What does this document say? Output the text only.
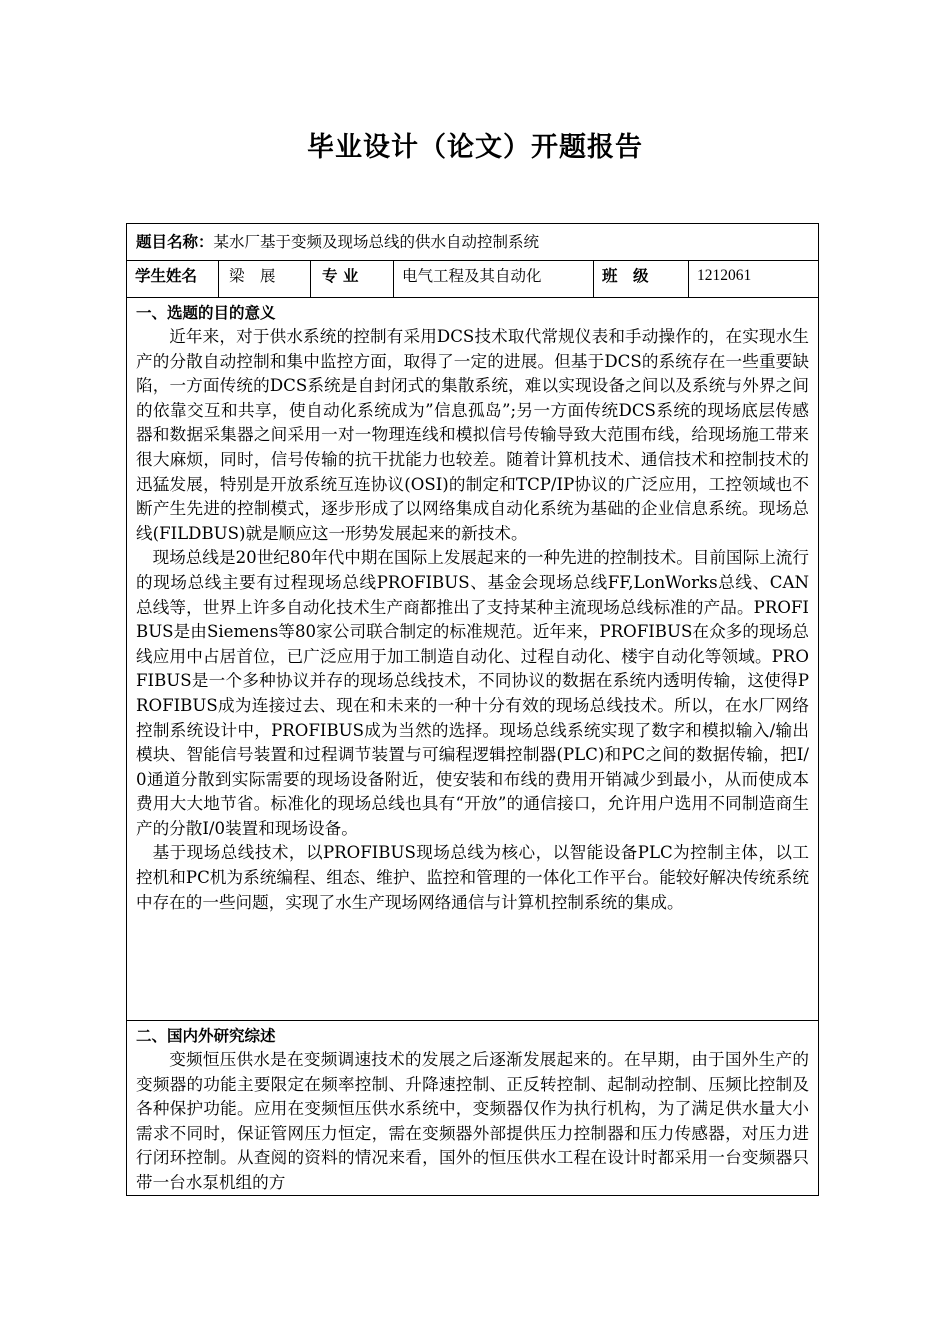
毕业设计（论文）开题报告
题目名称：某水厂基于变频及现场总线的供水自动控制系统
学生姓名	梁　展	专 业	电气工程及其自动化	班　级	1212061

一、选题的目的意义

近年来，对于供水系统的控制有采用DCS技术取代常规仪表和手动操作的，在实现水生产的分散自动控制和集中监控方面，取得了一定的进展。但基于DCS的系统存在一些重要缺陷，一方面传统的DCS系统是自封闭式的集散系统，难以实现设备之间以及系统与外界之间的依靠交互和共享，使自动化系统成为”信息孤岛”;另一方面传统DCS系统的现场底层传感器和数据采集器之间采用一对一物理连线和模拟信号传输导致大范围布线，给现场施工带来很大麻烦，同时，信号传输的抗干扰能力也较差。随着计算机技术、通信技术和控制技术的迅猛发展，特别是开放系统互连协议(OSI)的制定和TCP/IP协议的广泛应用，工控领域也不断产生先进的控制模式，逐步形成了以网络集成自动化系统为基础的企业信息系统。现场总线(FILDBUS)就是顺应这一形势发展起来的新技术。

现场总线是20世纪80年代中期在国际上发展起来的一种先进的控制技术。目前国际上流行的现场总线主要有过程现场总线PROFIBUS、基金会现场总线FF,LonWorks总线、CAN总线等，世界上许多自动化技术生产商都推出了支持某种主流现场总线标准的产品。PROFIBUS是由Siemens等80家公司联合制定的标准规范。近年来，PROFIBUS在众多的现场总线应用中占居首位，已广泛应用于加工制造自动化、过程自动化、楼宇自动化等领域。PROFIBUS是一个多种协议并存的现场总线技术，不同协议的数据在系统内透明传输，这使得PROFIBUS成为连接过去、现在和未来的一种十分有效的现场总线技术。所以，在水厂网络控制系统设计中，PROFIBUS成为当然的选择。现场总线系统实现了数字和模拟输入/输出模块、智能信号装置和过程调节装置与可编程逻辑控制器(PLC)和PC之间的数据传输，把I/0通道分散到实际需要的现场设备附近，使安装和布线的费用开销减少到最小，从而使成本费用大大地节省。标准化的现场总线也具有“开放”的通信接口，允许用户选用不同制造商生产的分散I/0装置和现场设备。

基于现场总线技术，以PROFIBUS现场总线为核心，以智能设备PLC为控制主体，以工控机和PC机为系统编程、组态、维护、监控和管理的一体化工作平台。能较好解决传统系统中存在的一些问题，实现了水生产现场网络通信与计算机控制系统的集成。

二、国内外研究综述

变频恒压供水是在变频调速技术的发展之后逐渐发展起来的。在早期，由于国外生产的变频器的功能主要限定在频率控制、升降速控制、正反转控制、起制动控制、压频比控制及各种保护功能。应用在变频恒压供水系统中，变频器仅作为执行机构，为了满足供水量大小需求不同时，保证管网压力恒定，需在变频器外部提供压力控制器和压力传感器，对压力进行闭环控制。从查阅的资料的情况来看，国外的恒压供水工程在设计时都采用一台变频器只带一台水泵机组的方
